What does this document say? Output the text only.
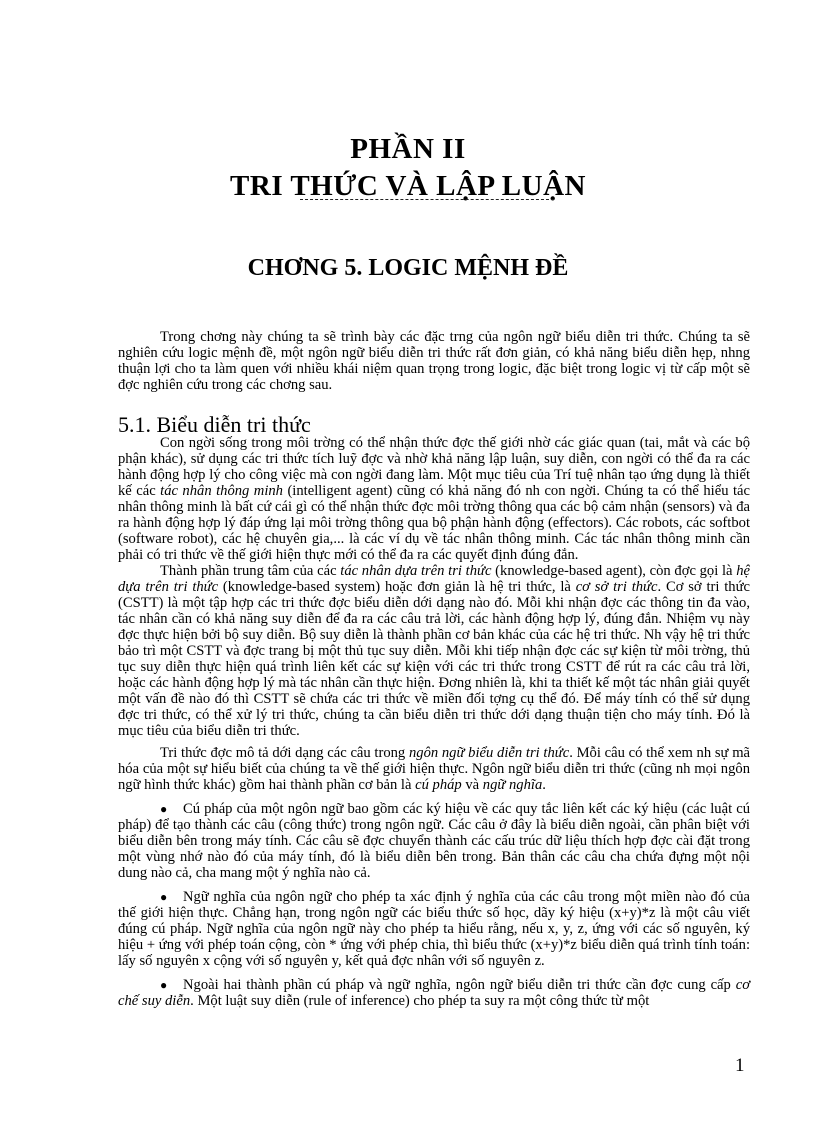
PHẦN II
TRI THỨC VÀ LẬP LUẬN
CHƠNG 5. LOGIC MỆNH ĐỀ

Trong chơng này chúng ta sẽ trình bày các đặc trng của ngôn ngữ biểu diễn tri thức. Chúng ta sẽ nghiên cứu logic mệnh đề, một ngôn ngữ biểu diễn tri thức rất đơn giản, có khả năng biểu diễn hẹp, nhng thuận lợi cho ta làm quen với nhiều khái niệm quan trọng trong logic, đặc biệt trong logic vị từ cấp một sẽ đợc nghiên cứu trong các chơng sau.

5.1. Biểu diễn tri thức

Con ngời sống trong môi trờng có thể nhận thức đợc thế giới nhờ các giác quan (tai, mắt và các bộ phận khác), sử dụng các tri thức tích luỹ đợc và nhờ khả năng lập luận, suy diễn, con ngời có thể đa ra các hành động hợp lý cho công việc mà con ngời đang làm. Một mục tiêu của Trí tuệ nhân tạo ứng dụng là thiết kế các tác nhân thông minh (intelligent agent) cũng có khả năng đó nh con ngời. Chúng ta có thể hiểu tác nhân thông minh là bất cứ cái gì có thể nhận thức đợc môi trờng thông qua các bộ cảm nhận (sensors) và đa ra hành động hợp lý đáp ứng lại môi trờng thông qua bộ phận hành động (effectors). Các robots, các softbot (software robot), các hệ chuyên gia,... là các ví dụ về tác nhân thông minh. Các tác nhân thông minh cần phải có tri thức về thế giới hiện thực mới có thể đa ra các quyết định đúng đắn.

Thành phần trung tâm của các tác nhân dựa trên tri thức (knowledge-based agent), còn đợc gọi là hệ dựa trên tri thức (knowledge-based system) hoặc đơn giản là hệ tri thức, là cơ sở tri thức. Cơ sở tri thức (CSTT) là một tập hợp các tri thức đợc biểu diễn dới dạng nào đó. Mỗi khi nhận đợc các thông tin đa vào, tác nhân cần có khả năng suy diễn để đa ra các câu trả lời, các hành động hợp lý, đúng đắn. Nhiệm vụ này đợc thực hiện bởi bộ suy diễn. Bộ suy diễn là thành phần cơ bản khác của các hệ tri thức. Nh vậy hệ tri thức bảo trì một CSTT và đợc trang bị một thủ tục suy diễn. Mỗi khi tiếp nhận đợc các sự kiện từ môi trờng, thủ tục suy diễn thực hiện quá trình liên kết các sự kiện với các tri thức trong CSTT để rút ra các câu trả lời, hoặc các hành động hợp lý mà tác nhân cần thực hiện. Đơng nhiên là, khi ta thiết kế một tác nhân giải quyết một vấn đề nào đó thì CSTT sẽ chứa các tri thức về miền đối tợng cụ thể đó. Để máy tính có thể sử dụng đợc tri thức, có thể xử lý tri thức, chúng ta cần biểu diễn tri thức dới dạng thuận tiện cho máy tính. Đó là mục tiêu của biểu diễn tri thức.

Tri thức đợc mô tả dới dạng các câu trong ngôn ngữ biểu diễn tri thức. Mỗi câu có thể xem nh sự mã hóa của một sự hiểu biết của chúng ta về thế giới hiện thực. Ngôn ngữ biểu diễn tri thức (cũng nh mọi ngôn ngữ hình thức khác) gồm hai thành phần cơ bản là cú pháp và ngữ nghĩa.

●	Cú pháp của một ngôn ngữ bao gồm các ký hiệu về các quy tắc liên kết các ký hiệu (các luật cú pháp) để tạo thành các câu (công thức) trong ngôn ngữ. Các câu ở đây là biểu diễn ngoài, cần phân biệt với biểu diễn bên trong máy tính. Các câu sẽ đợc chuyển thành các cấu trúc dữ liệu thích hợp đợc cài đặt trong một vùng nhớ nào đó của máy tính, đó là biểu diễn bên trong. Bản thân các câu cha chứa đựng một nội dung nào cả, cha mang một ý nghĩa nào cả.
●	Ngữ nghĩa của ngôn ngữ cho phép ta xác định ý nghĩa của các câu trong một miền nào đó của thế giới hiện thực. Chẳng hạn, trong ngôn ngữ các biểu thức số học, dãy ký hiệu (x+y)*z là một câu viết đúng cú pháp. Ngữ nghĩa của ngôn ngữ này cho phép ta hiểu rằng, nếu x, y, z, ứng với các số nguyên, ký hiệu + ứng với phép toán cộng, còn * ứng với phép chia, thì biểu thức (x+y)*z biểu diễn quá trình tính toán: lấy số nguyên x cộng với số nguyên y, kết quả đợc nhân với số nguyên z.
●	Ngoài hai thành phần cú pháp và ngữ nghĩa, ngôn ngữ biểu diễn tri thức cần đợc cung cấp cơ chế suy diễn. Một luật suy diễn (rule of inference) cho phép ta suy ra một công thức từ một
1
